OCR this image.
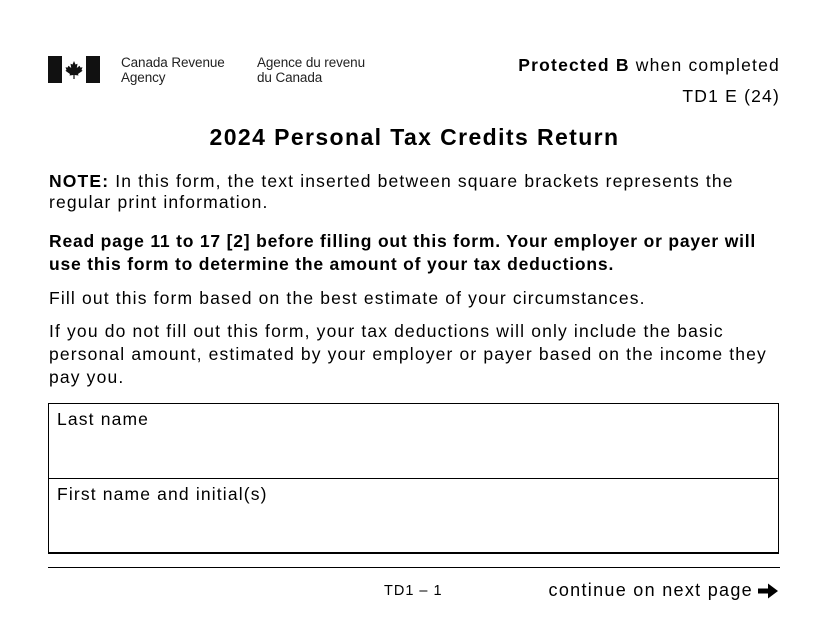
Canada Revenue
Agency
Agence du revenu
du Canada
Protected B when completed
TD1 E (24)
2024 Personal Tax Credits Return
NOTE: In this form, the text inserted between square brackets represents the regular print information.
Read page 11 to 17 [2] before filling out this form. Your employer or payer will use this form to determine the amount of your tax deductions.
Fill out this form based on the best estimate of your circumstances.
If you do not fill out this form, your tax deductions will only include the basic personal amount, estimated by your employer or payer based on the income they pay you.
Last name
First name and initial(s)
TD1 – 1	continue on next page
